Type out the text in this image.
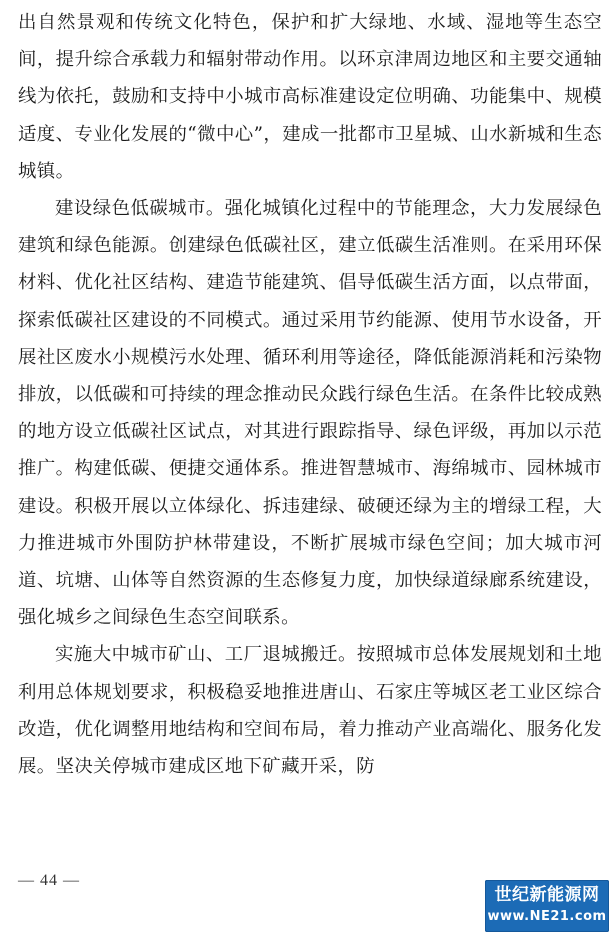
出自然景观和传统文化特色，保护和扩大绿地、水域、湿地等生态空间，提升综合承载力和辐射带动作用。以环京津周边地区和主要交通轴线为依托，鼓励和支持中小城市高标准建设定位明确、功能集中、规模适度、专业化发展的“微中心”，建成一批都市卫星城、山水新城和生态城镇。

建设绿色低碳城市。强化城镇化过程中的节能理念，大力发展绿色建筑和绿色能源。创建绿色低碳社区，建立低碳生活准则。在采用环保材料、优化社区结构、建造节能建筑、倡导低碳生活方面，以点带面，探索低碳社区建设的不同模式。通过采用节约能源、使用节水设备，开展社区废水小规模污水处理、循环利用等途径，降低能源消耗和污染物排放，以低碳和可持续的理念推动民众践行绿色生活。在条件比较成熟的地方设立低碳社区试点，对其进行跟踪指导、绿色评级，再加以示范推广。构建低碳、便捷交通体系。推进智慧城市、海绵城市、园林城市建设。积极开展以立体绿化、拆违建绿、破硬还绿为主的增绿工程，大力推进城市外围防护林带建设，不断扩展城市绿色空间；加大城市河道、坑塘、山体等自然资源的生态修复力度，加快绿道绿廊系统建设，强化城乡之间绿色生态空间联系。

实施大中城市矿山、工厂退城搬迁。按照城市总体发展规划和土地利用总体规划要求，积极稳妥地推进唐山、石家庄等城区老工业区综合改造，优化调整用地结构和空间布局，着力推动产业高端化、服务化发展。坚决关停城市建成区地下矿藏开采，防

— 44 —
世纪新能源网
www.NE21.com
